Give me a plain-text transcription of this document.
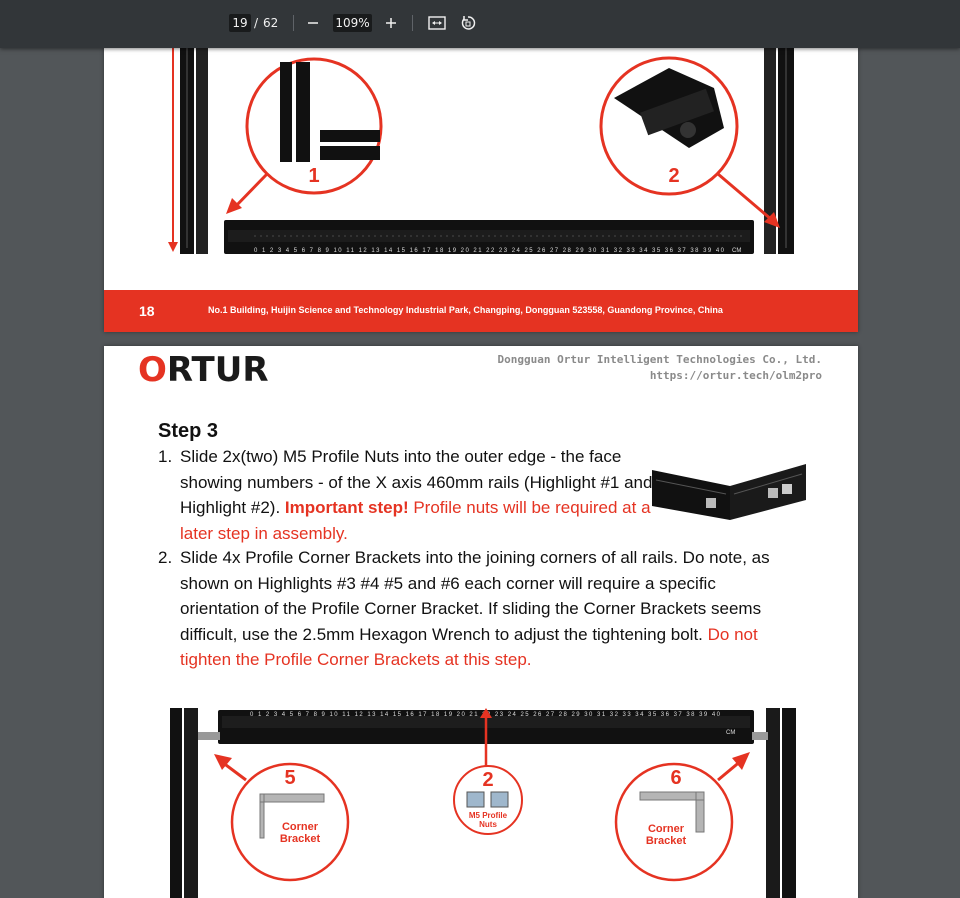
19 / 62	109%
0 1 2 3 4 5 6 7 8 9 10 11 12 13 14 15 16 17 18 19 20 21 22 23 24 25 26 27 28 29 30 31 32 33 34 35 36 37 38 39 40 CM
1	2
18	No.1 Building, Huijin Science and Technology Industrial Park, Changping, Dongguan 523558, Guandong Province, China
ORTUR	Dongguan Ortur Intelligent Technologies Co., Ltd.
https://ortur.tech/olm2pro
Step 3
1. Slide 2x(two) M5 Profile Nuts into the outer edge - the face showing numbers - of the X axis 460mm rails (Highlight #1 and Highlight #2). Important step! Profile nuts will be required at a later step in assembly.
2. Slide 4x Profile Corner Brackets into the joining corners of all rails. Do note, as shown on Highlights #3 #4 #5 and #6 each corner will require a specific orientation of the Profile Corner Bracket. If sliding the Corner Brackets seems difficult, use the 2.5mm Hexagon Wrench to adjust the tightening bolt. Do not tighten the Profile Corner Brackets at this step.
0 1 2 3 4 5 6 7 8 9 10 11 12 13 14 15 16 17 18 19 20 21 23 24 25 26 27 28 29 30 31 32 33 34 35 36 37 38 39 40
CM
5
Corner
Bracket
2
M5 Profile
Nuts
6
Corner
Bracket
